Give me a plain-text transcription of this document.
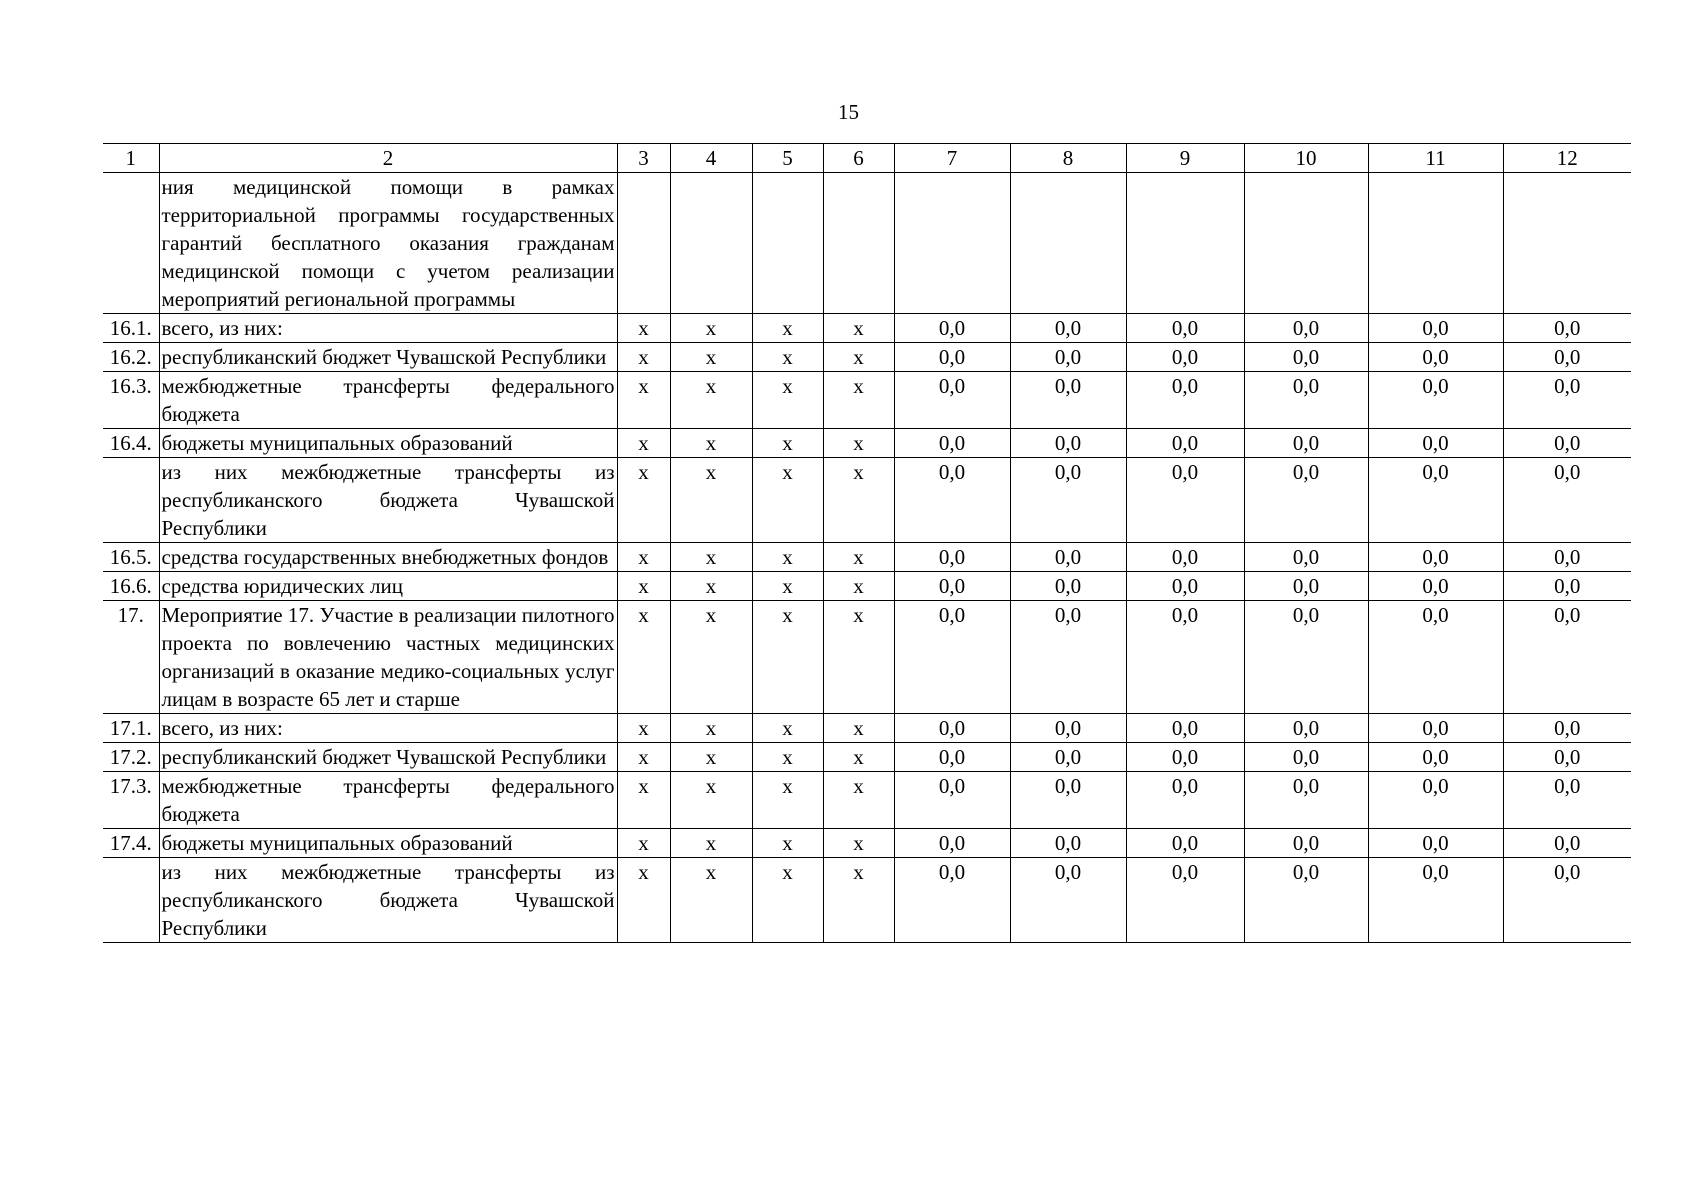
15
1	2	3	4	5	6	7	8	9	10	11	12
	ния медицинской помощи в рамках территориальной программы государственных гарантий бесплатного оказания гражданам медицинской помощи с учетом реализации мероприятий региональной программы										
16.1.	всего, из них:	х	х	х	х	0,0	0,0	0,0	0,0	0,0	0,0
16.2.	республиканский бюджет Чувашской Республики	х	х	х	х	0,0	0,0	0,0	0,0	0,0	0,0
16.3.	межбюджетные трансферты федерального бюджета	х	х	х	х	0,0	0,0	0,0	0,0	0,0	0,0
16.4.	бюджеты муниципальных образований	х	х	х	х	0,0	0,0	0,0	0,0	0,0	0,0
	из них межбюджетные трансферты из республиканского бюджета Чувашской Республики	х	х	х	х	0,0	0,0	0,0	0,0	0,0	0,0
16.5.	средства государственных внебюджетных фондов	х	х	х	х	0,0	0,0	0,0	0,0	0,0	0,0
16.6.	средства юридических лиц	х	х	х	х	0,0	0,0	0,0	0,0	0,0	0,0
17.	Мероприятие 17. Участие в реализации пилотного проекта по вовлечению частных медицинских организаций в оказание медико-социальных услуг лицам в возрасте 65 лет и старше	х	х	х	х	0,0	0,0	0,0	0,0	0,0	0,0
17.1.	всего, из них:	х	х	х	х	0,0	0,0	0,0	0,0	0,0	0,0
17.2.	республиканский бюджет Чувашской Республики	х	х	х	х	0,0	0,0	0,0	0,0	0,0	0,0
17.3.	межбюджетные трансферты федерального бюджета	х	х	х	х	0,0	0,0	0,0	0,0	0,0	0,0
17.4.	бюджеты муниципальных образований	х	х	х	х	0,0	0,0	0,0	0,0	0,0	0,0
	из них межбюджетные трансферты из республиканского бюджета Чувашской Республики	х	х	х	х	0,0	0,0	0,0	0,0	0,0	0,0
